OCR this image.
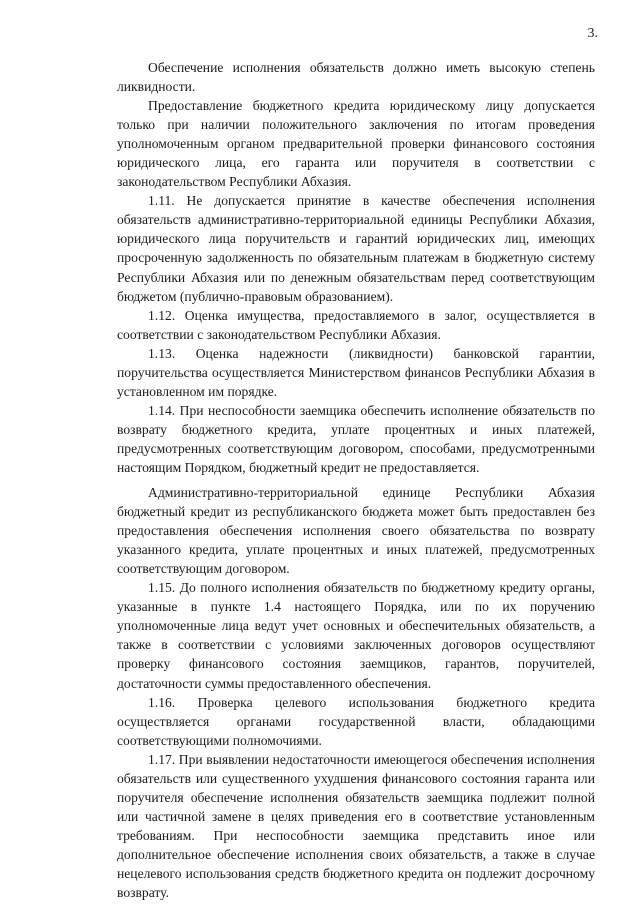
3.

Обеспечение исполнения обязательств должно иметь высокую степень ликвидности.

Предоставление бюджетного кредита юридическому лицу допускается только при наличии положительного заключения по итогам проведения уполномоченным органом предварительной проверки финансового состояния юридического лица, его гаранта или поручителя в соответствии с законодательством Республики Абхазия.

1.11. Не допускается принятие в качестве обеспечения исполнения обязательств административно-территориальной единицы Республики Абхазия, юридического лица поручительств и гарантий юридических лиц, имеющих просроченную задолженность по обязательным платежам в бюджетную систему Республики Абхазия или по денежным обязательствам перед соответствующим бюджетом (публично-правовым образованием).

1.12. Оценка имущества, предоставляемого в залог, осуществляется в соответствии с законодательством Республики Абхазия.

1.13. Оценка надежности (ликвидности) банковской гарантии, поручительства осуществляется Министерством финансов Республики Абхазия в установленном им порядке.

1.14. При неспособности заемщика обеспечить исполнение обязательств по возврату бюджетного кредита, уплате процентных и иных платежей, предусмотренных соответствующим договором, способами, предусмотренными настоящим Порядком, бюджетный кредит не предоставляется.

Административно-территориальной единице Республики Абхазия бюджетный кредит из республиканского бюджета может быть предоставлен без предоставления обеспечения исполнения своего обязательства по возврату указанного кредита, уплате процентных и иных платежей, предусмотренных соответствующим договором.

1.15. До полного исполнения обязательств по бюджетному кредиту органы, указанные в пункте 1.4 настоящего Порядка, или по их поручению уполномоченные лица ведут учет основных и обеспечительных обязательств, а также в соответствии с условиями заключенных договоров осуществляют проверку финансового состояния заемщиков, гарантов, поручителей, достаточности суммы предоставленного обеспечения.

1.16. Проверка целевого использования бюджетного кредита осуществляется органами государственной власти, обладающими соответствующими полномочиями.

1.17. При выявлении недостаточности имеющегося обеспечения исполнения обязательств или существенного ухудшения финансового состояния гаранта или поручителя обеспечение исполнения обязательств заемщика подлежит полной или частичной замене в целях приведения его в соответствие установленным требованиям. При неспособности заемщика представить иное или дополнительное обеспечение исполнения своих обязательств, а также в случае нецелевого использования средств бюджетного кредита он подлежит досрочному возврату.
